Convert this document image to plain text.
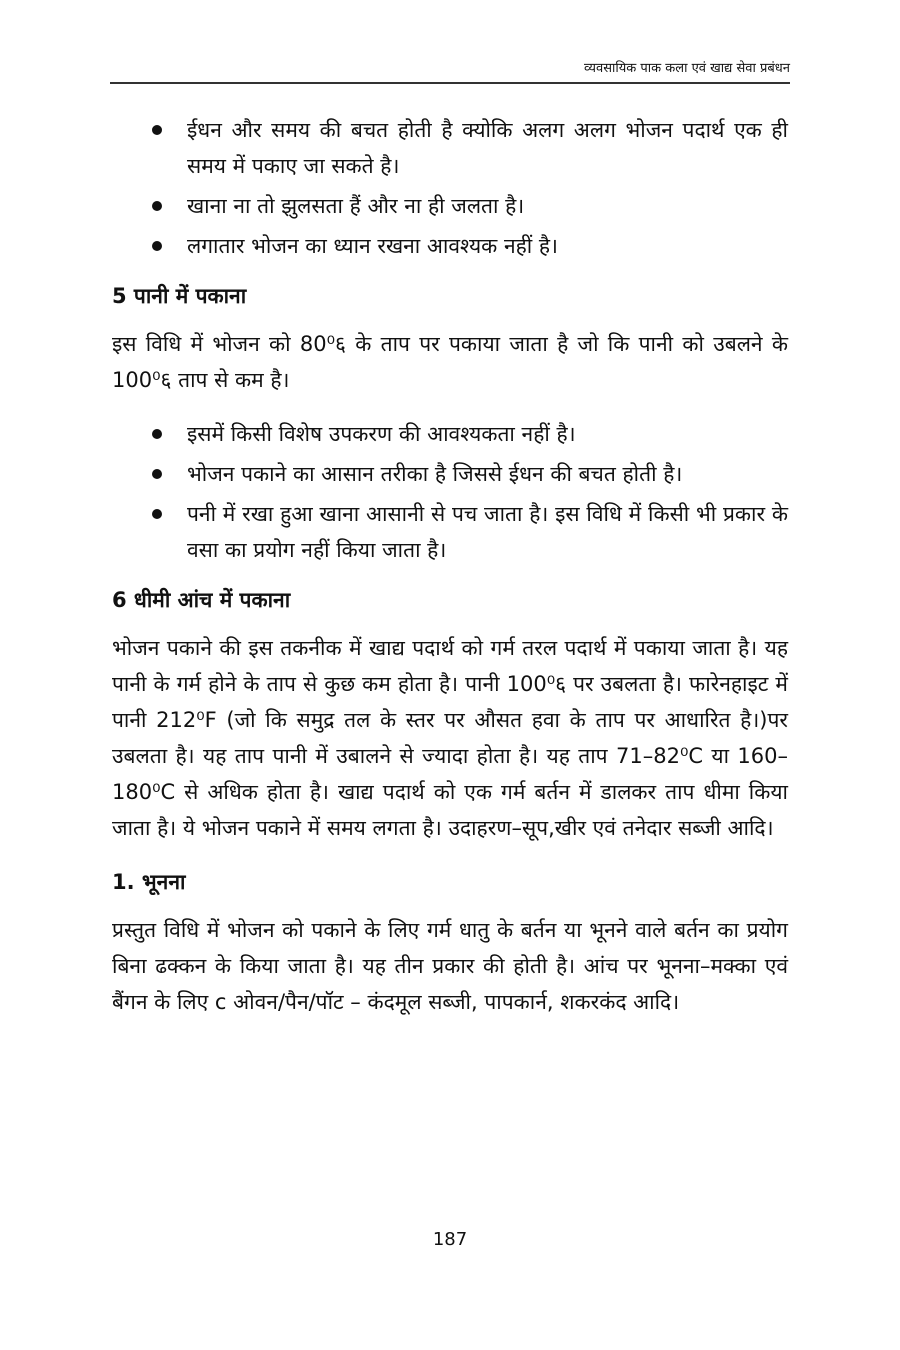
व्यवसायिक पाक कला एवं खाद्य सेवा प्रबंधन
ईधन और समय की बचत होती है क्योकि अलग अलग भोजन पदार्थ एक ही समय में पकाए जा सकते है।
खाना ना तो झुलसता हैं और ना ही जलता है।
लगातार भोजन का ध्यान रखना आवश्यक नहीं है।
5 पानी में पकाना

इस विधि में भोजन को 80⁰६ के ताप पर पकाया जाता है जो कि पानी को उबलने के 100⁰६ ताप से कम है।

इसमें किसी विशेष उपकरण की आवश्यकता नहीं है।
भोजन पकाने का आसान तरीका है जिससे ईधन की बचत होती है।
पनी में रखा हुआ खाना आसानी से पच जाता है। इस विधि में किसी भी प्रकार के वसा का प्रयोग नहीं किया जाता है।
6 धीमी आंच में पकाना

भोजन पकाने की इस तकनीक में खाद्य पदार्थ को गर्म तरल पदार्थ में पकाया जाता है। यह पानी के गर्म होने के ताप से कुछ कम होता है। पानी 100⁰६ पर उबलता है। फारेनहाइट में पानी 212⁰F (जो कि समुद्र तल के स्तर पर औसत हवा के ताप पर आधारित है।)पर उबलता है। यह ताप पानी में उबालने से ज्यादा होता है। यह ताप 71–82⁰C या 160–180⁰C से अधिक होता है। खाद्य पदार्थ को एक गर्म बर्तन में डालकर ताप धीमा किया जाता है। ये भोजन पकाने में समय लगता है। उदाहरण–सूप,खीर एवं तनेदार सब्जी आदि।

1. भूनना

प्रस्तुत विधि में भोजन को पकाने के लिए गर्म धातु के बर्तन या भूनने वाले बर्तन का प्रयोग बिना ढक्कन के किया जाता है। यह तीन प्रकार की होती है। आंच पर भूनना–मक्का एवं बैंगन के लिए c ओवन/पैन/पॉट – कंदमूल सब्जी, पापकार्न, शकरकंद आदि।

187
